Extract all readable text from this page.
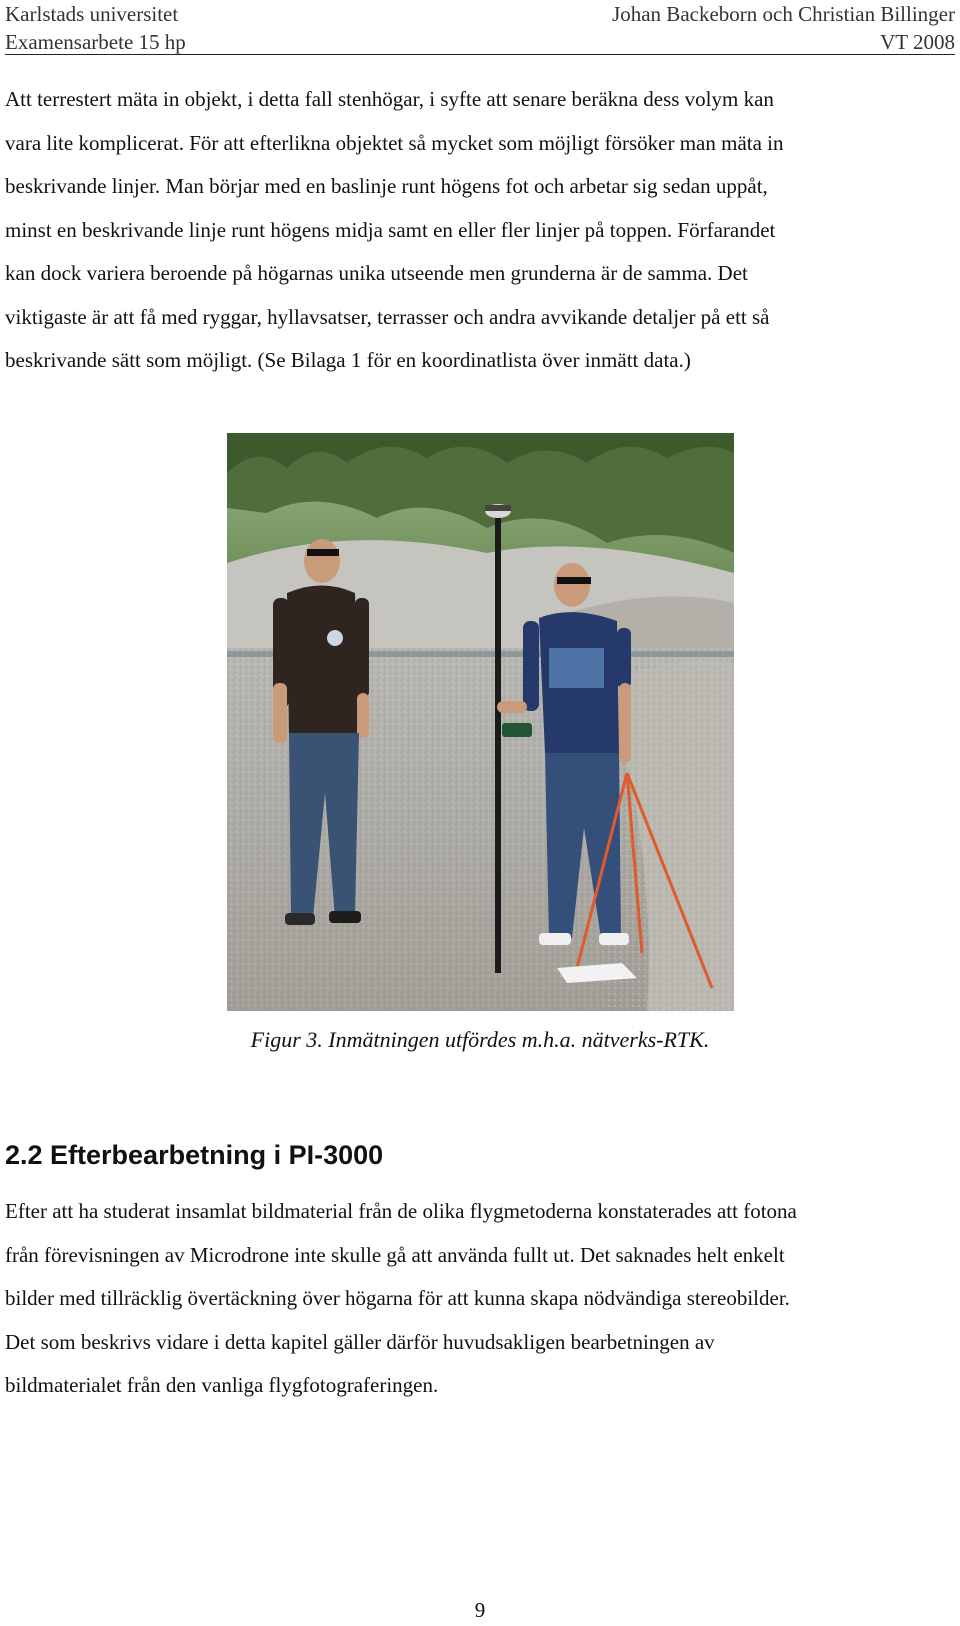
Karlstads universitet	Johan Backeborn och Christian Billinger
Examensarbete 15 hp	VT 2008

Att terrestert mäta in objekt, i detta fall stenhögar, i syfte att senare beräkna dess volym kan
vara lite komplicerat. För att efterlikna objektet så mycket som möjligt försöker man mäta in
beskrivande linjer. Man börjar med en baslinje runt högens fot och arbetar sig sedan uppåt,
minst en beskrivande linje runt högens midja samt en eller fler linjer på toppen. Förfarandet
kan dock variera beroende på högarnas unika utseende men grunderna är de samma. Det
viktigaste är att få med ryggar, hyllavsatser, terrasser och andra avvikande detaljer på ett så
beskrivande sätt som möjligt. (Se Bilaga 1 för en koordinatlista över inmätt data.)

Figur 3. Inmätningen utfördes m.h.a. nätverks-RTK.
2.2 Efterbearbetning i PI-3000

Efter att ha studerat insamlat bildmaterial från de olika flygmetoderna konstaterades att fotona
från förevisningen av Microdrone inte skulle gå att använda fullt ut. Det saknades helt enkelt
bilder med tillräcklig övertäckning över högarna för att kunna skapa nödvändiga stereobilder.
Det som beskrivs vidare i detta kapitel gäller därför huvudsakligen bearbetningen av
bildmaterialet från den vanliga flygfotograferingen.

9
